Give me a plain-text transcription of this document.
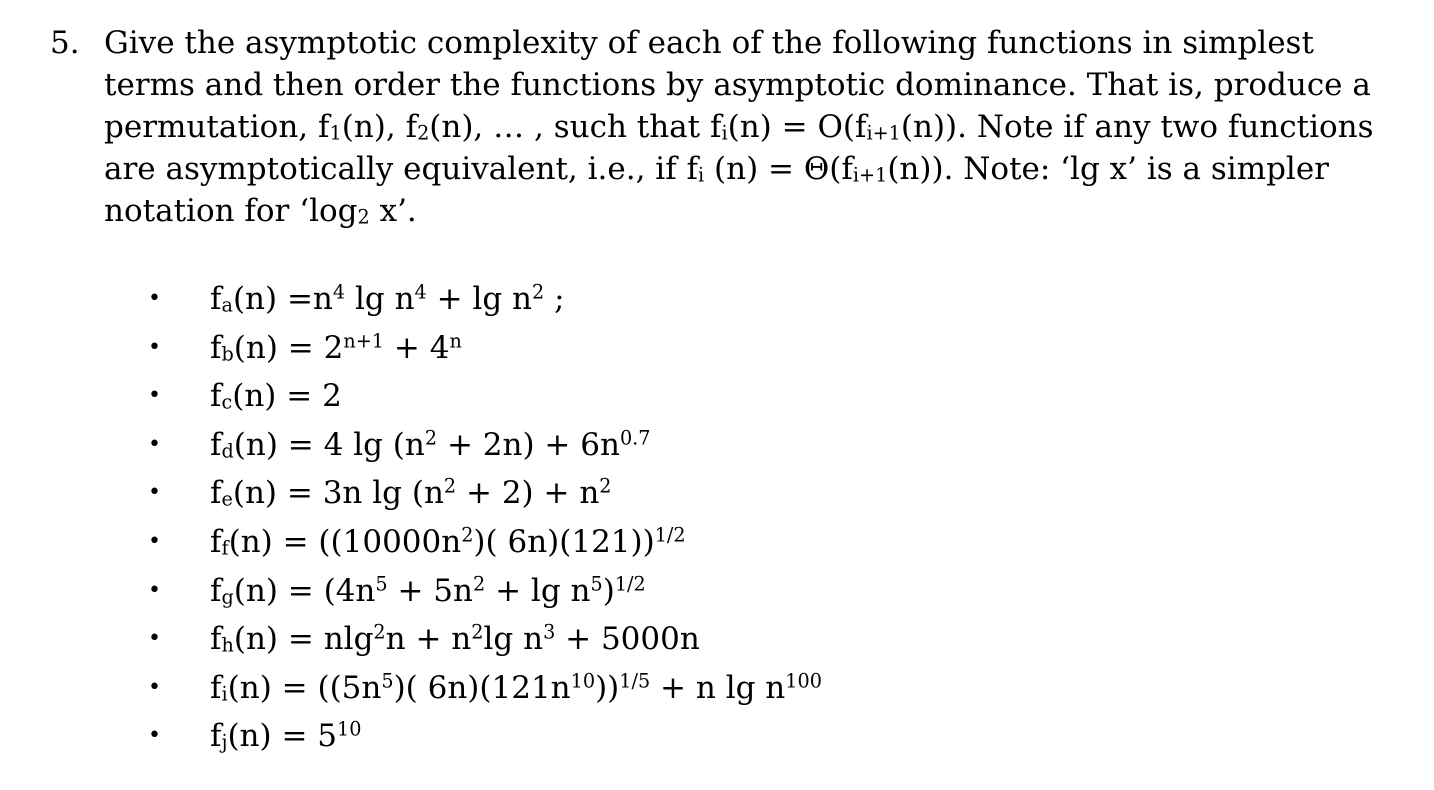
5. Give the asymptotic complexity of each of the following functions in simplest
terms and then order the functions by asymptotic dominance. That is, produce a
permutation, f1(n), f2(n), … , such that fi(n) = O(fi+1(n)). Note if any two functions
are asymptotically equivalent, i.e., if fi (n) = Θ(fi+1(n)). Note: ‘lg x’ is a simpler
notation for ‘log2 x’.
• $fa(n) =n^4$ $\lg n^4 + \lg n^2$ ;
• $fb(n) = 2^{n+1} + 4^n$
• fc(n) = 2
• fd(n) = 4 $\lg (n^2 + 2n) + 6n^{0.7}$
• fe(n) = 3n $\lg (n^2 + 2) + n^2$
• $ff(n) = ((10000n^2)$( 6n)(121))$^{1/2}$
• $fg(n) = (4n^5 + 5n^2 + \lg n^5)^{1/2}$
• $fh(n) = nlg^2n + n^2\lg$ $n^3 + 5000n$
• $fi(n) = ((5n^5)$( $6n)(121n^{10}))^{1/5} + n$ $\lg n^{100}$
• $fj(n) = 5^{10}$
